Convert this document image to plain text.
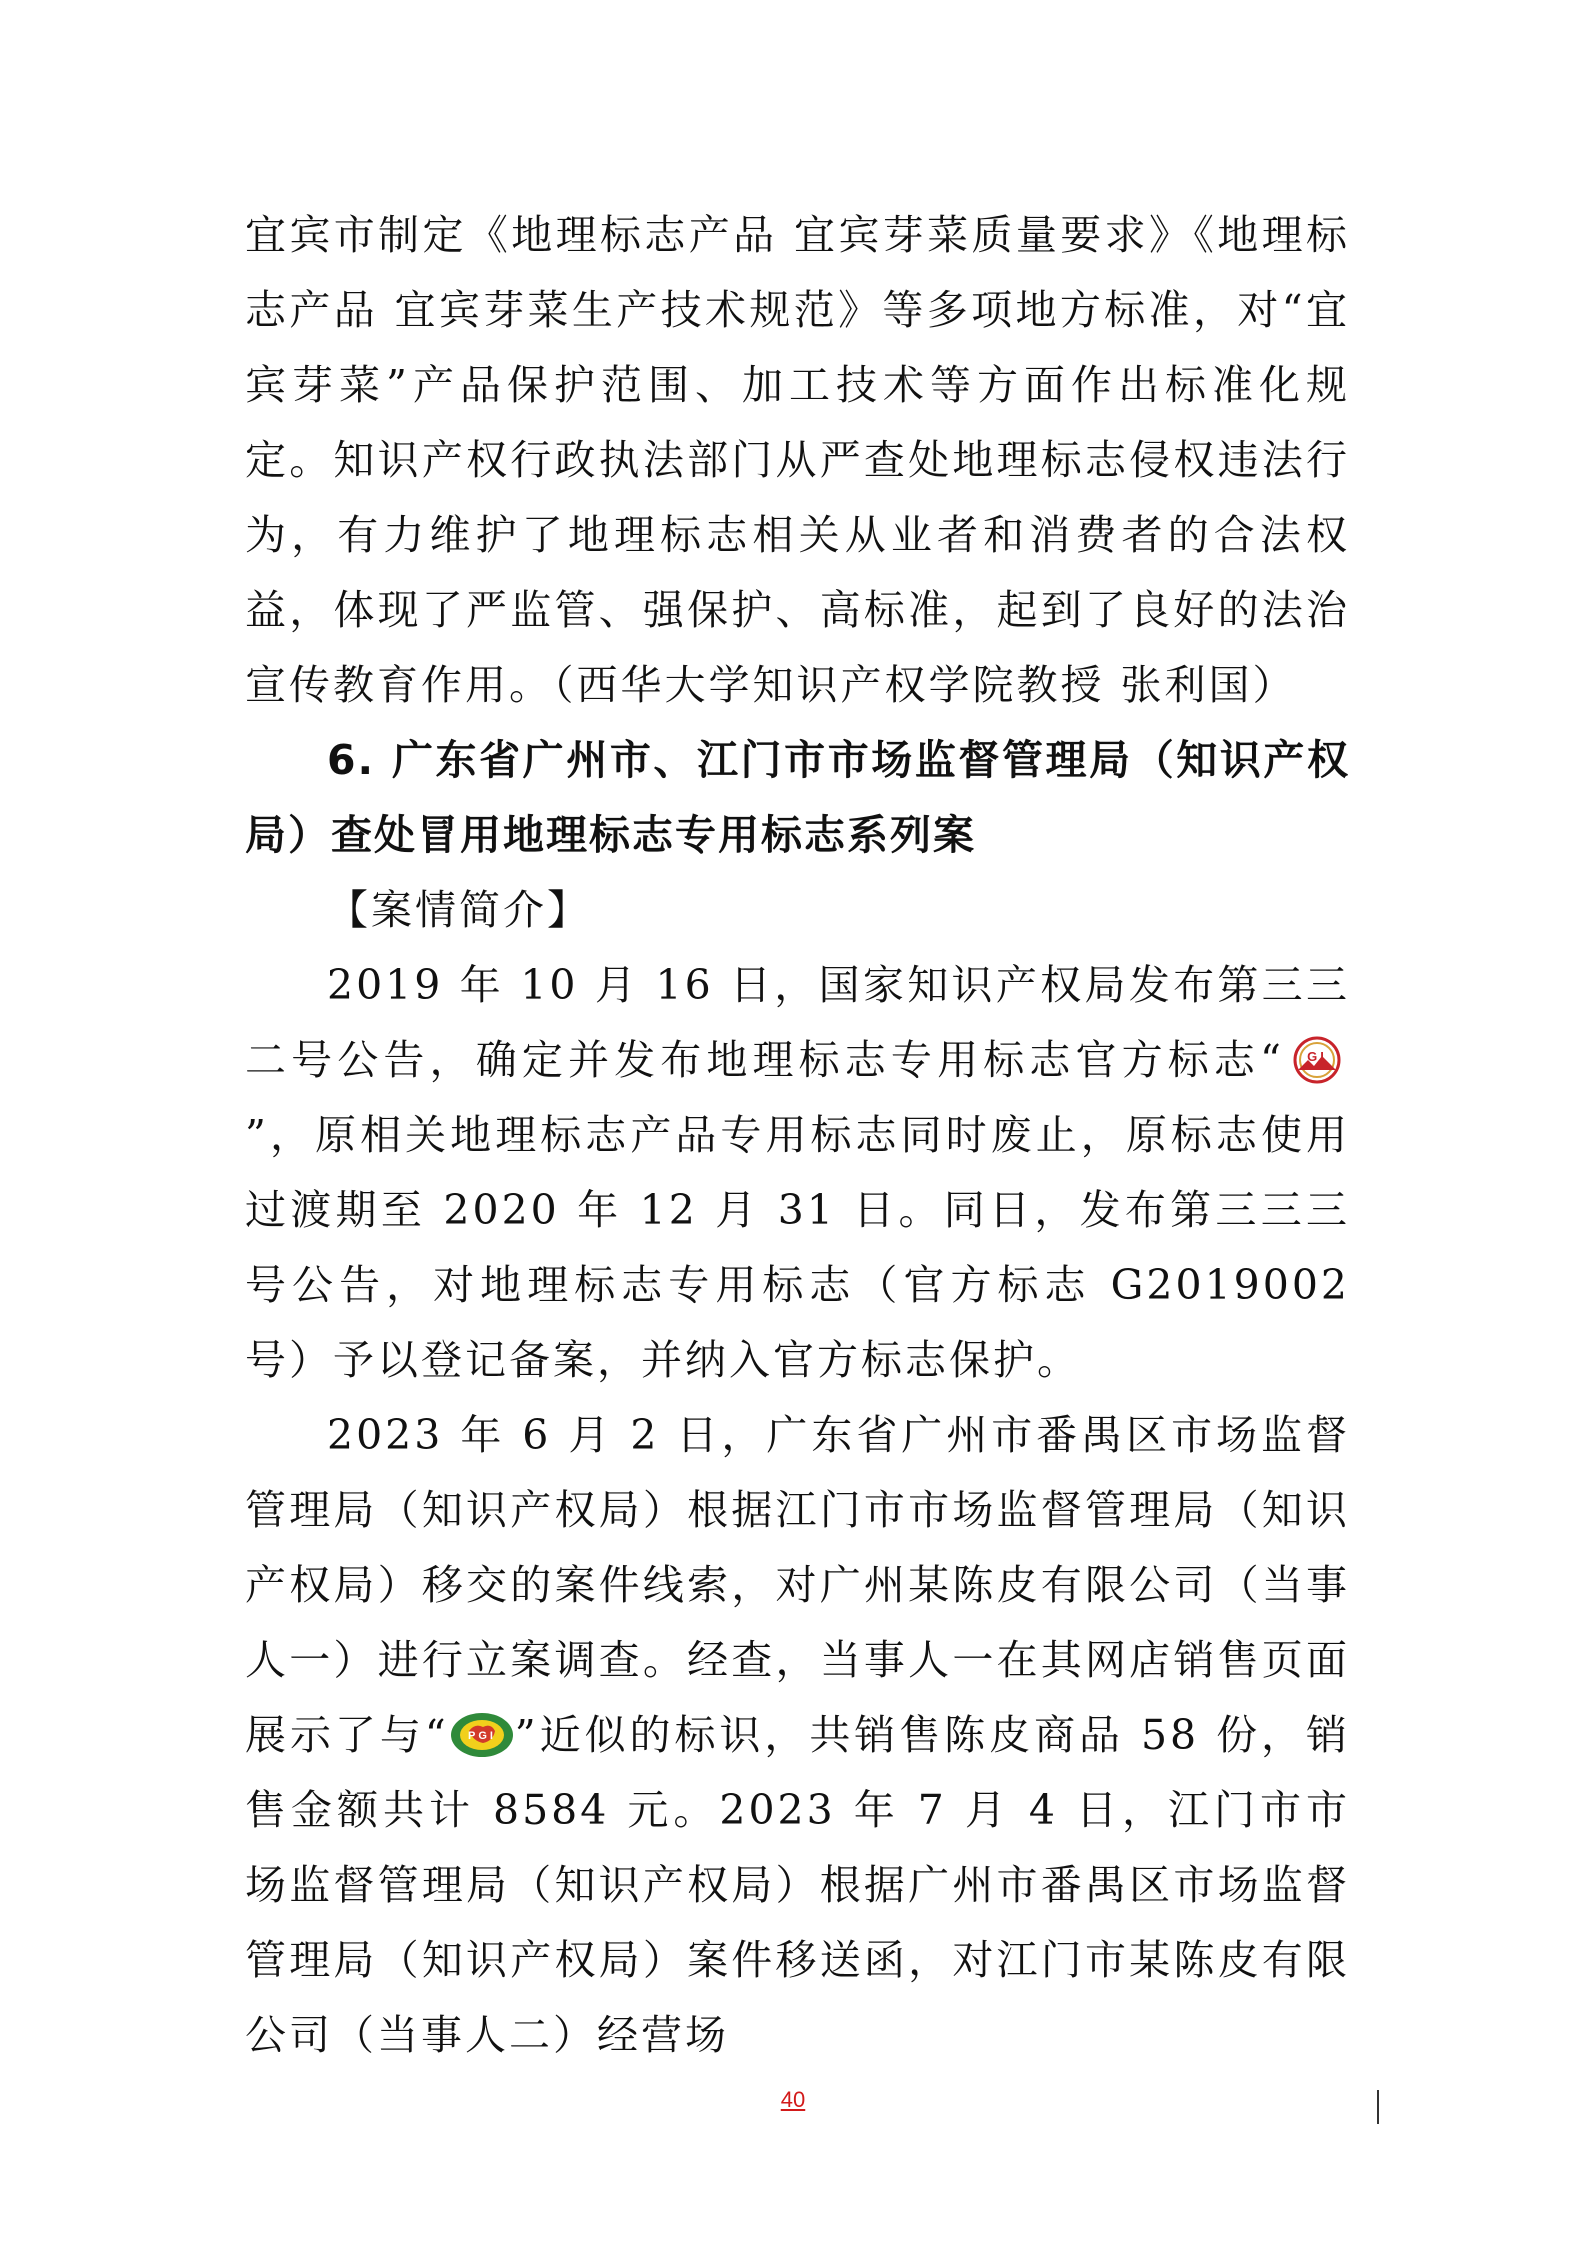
宜宾市制定《地理标志产品 宜宾芽菜质量要求》《地理标志产品 宜宾芽菜生产技术规范》等多项地方标准，对“宜宾芽菜”产品保护范围、加工技术等方面作出标准化规定。知识产权行政执法部门从严查处地理标志侵权违法行为，有力维护了地理标志相关从业者和消费者的合法权益，体现了严监管、强保护、高标准，起到了良好的法治宣传教育作用。（西华大学知识产权学院教授 张利国）

6. 广东省广州市、江门市市场监督管理局（知识产权局）查处冒用地理标志专用标志系列案

【案情简介】

2019 年 10 月 16 日，国家知识产权局发布第三三二号公告，确定并发布地理标志专用标志官方标志“ GI
”，原相关地理标志产品专用标志同时废止，原标志使用过渡期至 2020 年 12 月 31 日。同日，发布第三三三号公告，对地理标志专用标志（官方标志 G2019002 号）予以登记备案，并纳入官方标志保护。

2023 年 6 月 2 日，广东省广州市番禺区市场监督管理局（知识产权局）根据江门市市场监督管理局（知识产权局）移交的案件线索，对广州某陈皮有限公司（当事人一）进行立案调查。经查，当事人一在其网店销售页面展示了与“ PGI ”近似的标识，共销售陈皮商品 58 份，销售金额共计 8584 元。2023 年 7 月 4 日，江门市市场监督管理局（知识产权局）根据广州市番禺区市场监督管理局（知识产权局）案件移送函，对江门市某陈皮有限公司（当事人二）经营场

40
